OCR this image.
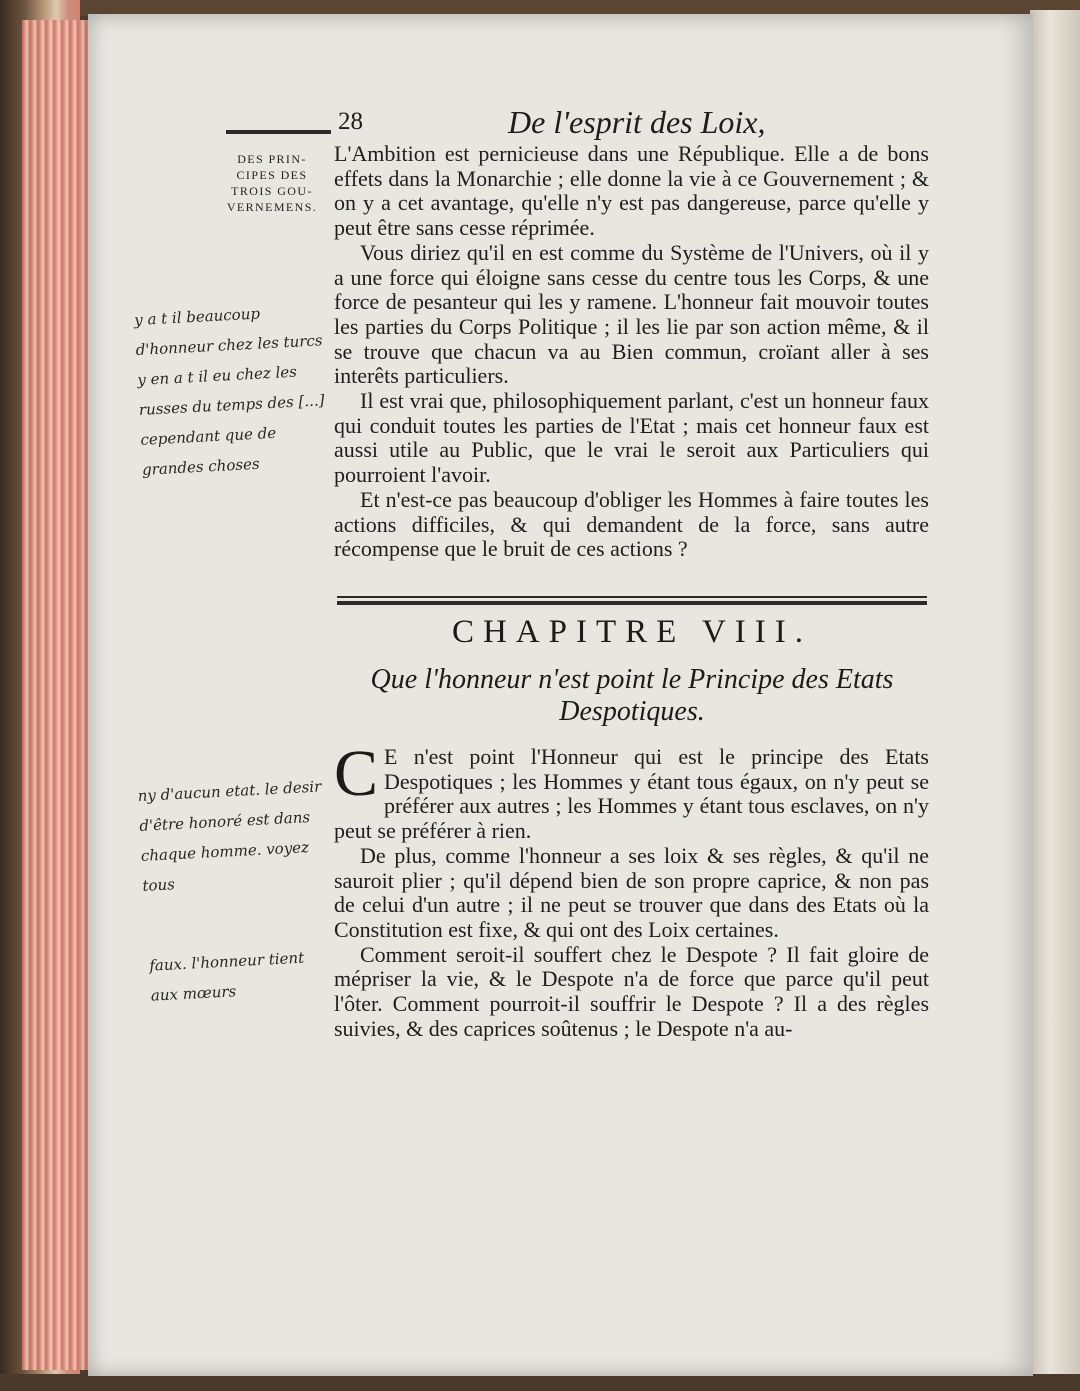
28	De l'esprit des Loix,
DES PRIN-CIPES DES TROIS GOU-VERNEMENS.

L'Ambition est pernicieuse dans une République. Elle a de bons effets dans la Monarchie ; elle donne la vie à ce Gouvernement ; & on y a cet avantage, qu'elle n'y est pas dangereuse, parce qu'elle y peut être sans cesse réprimée.

Vous diriez qu'il en est comme du Système de l'Univers, où il y a une force qui éloigne sans cesse du centre tous les Corps, & une force de pesanteur qui les y ramene. L'honneur fait mouvoir toutes les parties du Corps Politique ; il les lie par son action même, & il se trouve que chacun va au Bien commun, croïant aller à ses interêts particuliers.

Il est vrai que, philosophiquement parlant, c'est un honneur faux qui conduit toutes les parties de l'Etat ; mais cet honneur faux est aussi utile au Public, que le vrai le seroit aux Particuliers qui pourroient l'avoir.

Et n'est-ce pas beaucoup d'obliger les Hommes à faire toutes les actions difficiles, & qui demandent de la force, sans autre récompense que le bruit de ces actions ?

CHAPITRE VIII.
Que l'honneur n'est point le Principe des Etats Despotiques.

C E n'est point l'Honneur qui est le principe des Etats Despotiques ; les Hommes y étant tous égaux, on n'y peut se préférer aux autres ; les Hommes y étant tous esclaves, on n'y peut se préférer à rien.

De plus, comme l'honneur a ses loix & ses règles, & qu'il ne sauroit plier ; qu'il dépend bien de son propre caprice, & non pas de celui d'un autre ; il ne peut se trouver que dans des Etats où la Constitution est fixe, & qui ont des Loix certaines.

Comment seroit-il souffert chez le Despote ? Il fait gloire de mépriser la vie, & le Despote n'a de force que parce qu'il peut l'ôter. Comment pourroit-il souffrir le Despote ? Il a des règles suivies, & des caprices soûtenus ; le Despote n'a au-

y a t il beaucoup d'honneur chez les turcs y en a t il eu chez les russes du temps des [...] cependant que de grandes choses
ny d'aucun etat. le desir d'être honoré est dans chaque homme. voyez tous
faux. l'honneur tient aux mœurs
